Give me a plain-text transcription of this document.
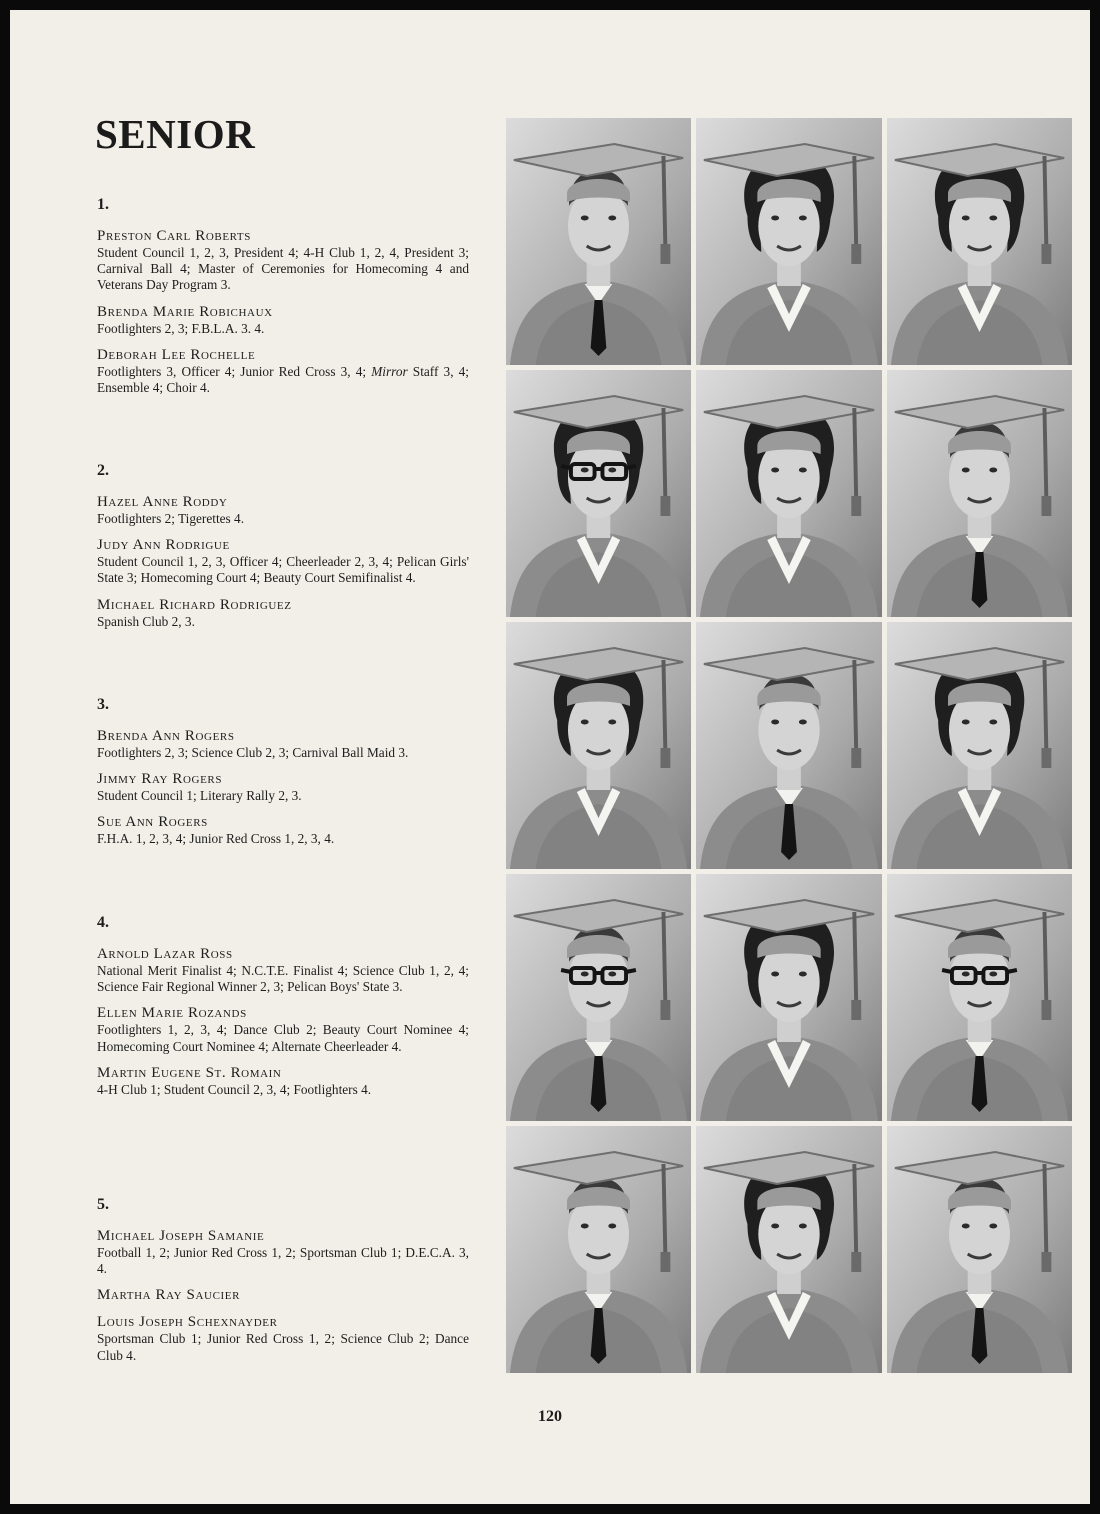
SENIOR

1.

Preston Carl Roberts

Student Council 1, 2, 3, President 4; 4-H Club 1, 2, 4, President 3; Carnival Ball 4; Master of Ceremonies for Homecoming 4 and Veterans Day Program 3.

Brenda Marie Robichaux

Footlighters 2, 3; F.B.L.A. 3. 4.

Deborah Lee Rochelle

Footlighters 3, Officer 4; Junior Red Cross 3, 4; Mirror Staff 3, 4; Ensemble 4; Choir 4.

2.

Hazel Anne Roddy

Footlighters 2; Tigerettes 4.

Judy Ann Rodrigue

Student Council 1, 2, 3, Officer 4; Cheerleader 2, 3, 4; Pelican Girls' State 3; Homecoming Court 4; Beauty Court Semifinalist 4.

Michael Richard Rodriguez

Spanish Club 2, 3.

3.

Brenda Ann Rogers

Footlighters 2, 3; Science Club 2, 3; Carnival Ball Maid 3.

Jimmy Ray Rogers

Student Council 1; Literary Rally 2, 3.

Sue Ann Rogers

F.H.A. 1, 2, 3, 4; Junior Red Cross 1, 2, 3, 4.

4.

Arnold Lazar Ross

National Merit Finalist 4; N.C.T.E. Finalist 4; Science Club 1, 2, 4; Science Fair Regional Winner 2, 3; Pelican Boys' State 3.

Ellen Marie Rozands

Footlighters 1, 2, 3, 4; Dance Club 2; Beauty Court Nominee 4; Homecoming Court Nominee 4; Alternate Cheerleader 4.

Martin Eugene St. Romain

4-H Club 1; Student Council 2, 3, 4; Footlighters 4.

5.

Michael Joseph Samanie

Football 1, 2; Junior Red Cross 1, 2; Sportsman Club 1; D.E.C.A. 3, 4.

Martha Ray Saucier

Louis Joseph Schexnayder

Sportsman Club 1; Junior Red Cross 1, 2; Science Club 2; Dance Club 4.

120
